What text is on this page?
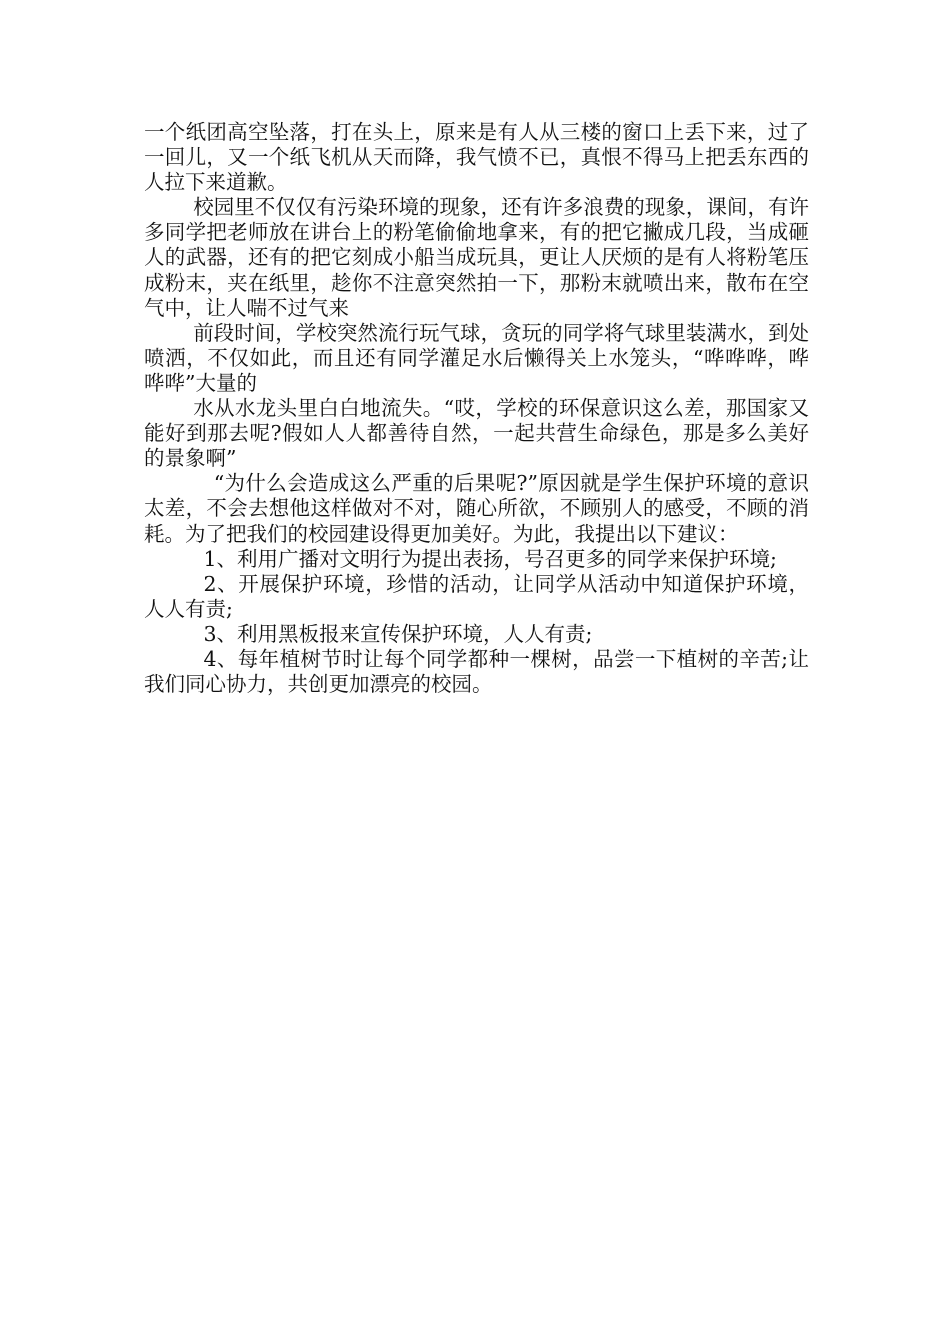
一个纸团高空坠落，打在头上，原来是有人从三楼的窗口上丢下来，过了一回儿，又一个纸飞机从天而降，我气愤不已，真恨不得马上把丢东西的人拉下来道歉。

校园里不仅仅有污染环境的现象，还有许多浪费的现象，课间，有许多同学把老师放在讲台上的粉笔偷偷地拿来，有的把它撇成几段，当成砸人的武器，还有的把它刻成小船当成玩具，更让人厌烦的是有人将粉笔压成粉末，夹在纸里，趁你不注意突然拍一下，那粉末就喷出来，散布在空气中，让人喘不过气来

前段时间，学校突然流行玩气球，贪玩的同学将气球里装满水，到处喷洒，不仅如此，而且还有同学灌足水后懒得关上水笼头，“哗哗哗，哗哗哗”大量的

水从水龙头里白白地流失。“哎，学校的环保意识这么差，那国家又能好到那去呢?假如人人都善待自然，一起共营生命绿色，那是多么美好的景象啊”

“为什么会造成这么严重的后果呢?”原因就是学生保护环境的意识太差，不会去想他这样做对不对，随心所欲，不顾别人的感受，不顾的消耗。为了把我们的校园建设得更加美好。为此，我提出以下建议：

1、利用广播对文明行为提出表扬，号召更多的同学来保护环境;

2、开展保护环境，珍惜的活动，让同学从活动中知道保护环境，人人有责;

3、利用黑板报来宣传保护环境，人人有责;

4、每年植树节时让每个同学都种一棵树，品尝一下植树的辛苦;让我们同心协力，共创更加漂亮的校园。
